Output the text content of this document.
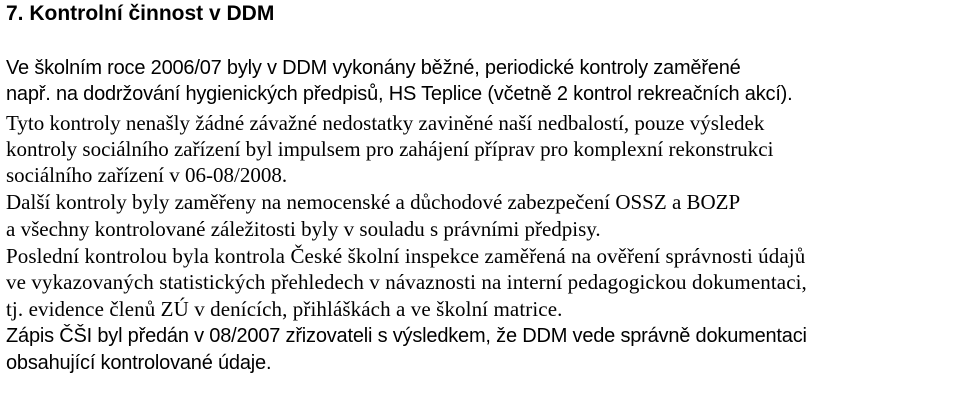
7. Kontrolní činnost v DDM

Ve školním roce 2006/07 byly v DDM vykonány běžné, periodické kontroly zaměřené

např. na dodržování hygienických předpisů, HS Teplice (včetně 2 kontrol rekreačních akcí).

Tyto kontroly nenašly žádné závažné nedostatky zaviněné naší nedbalostí, pouze výsledek

kontroly sociálního zařízení byl impulsem pro zahájení příprav pro komplexní rekonstrukci

sociálního zařízení v 06-08/2008.

Další kontroly byly zaměřeny na nemocenské a důchodové zabezpečení OSSZ a BOZP

a všechny kontrolované záležitosti byly v souladu s právními předpisy.

Poslední kontrolou byla kontrola České školní inspekce zaměřená na ověření správnosti údajů

ve vykazovaných statistických přehledech v návaznosti na interní pedagogickou dokumentaci,

tj. evidence členů ZÚ v denících, přihláškách a ve školní matrice.

Zápis ČŠI byl předán v 08/2007 zřizovateli s výsledkem, že DDM vede správně dokumentaci

obsahující kontrolované údaje.
